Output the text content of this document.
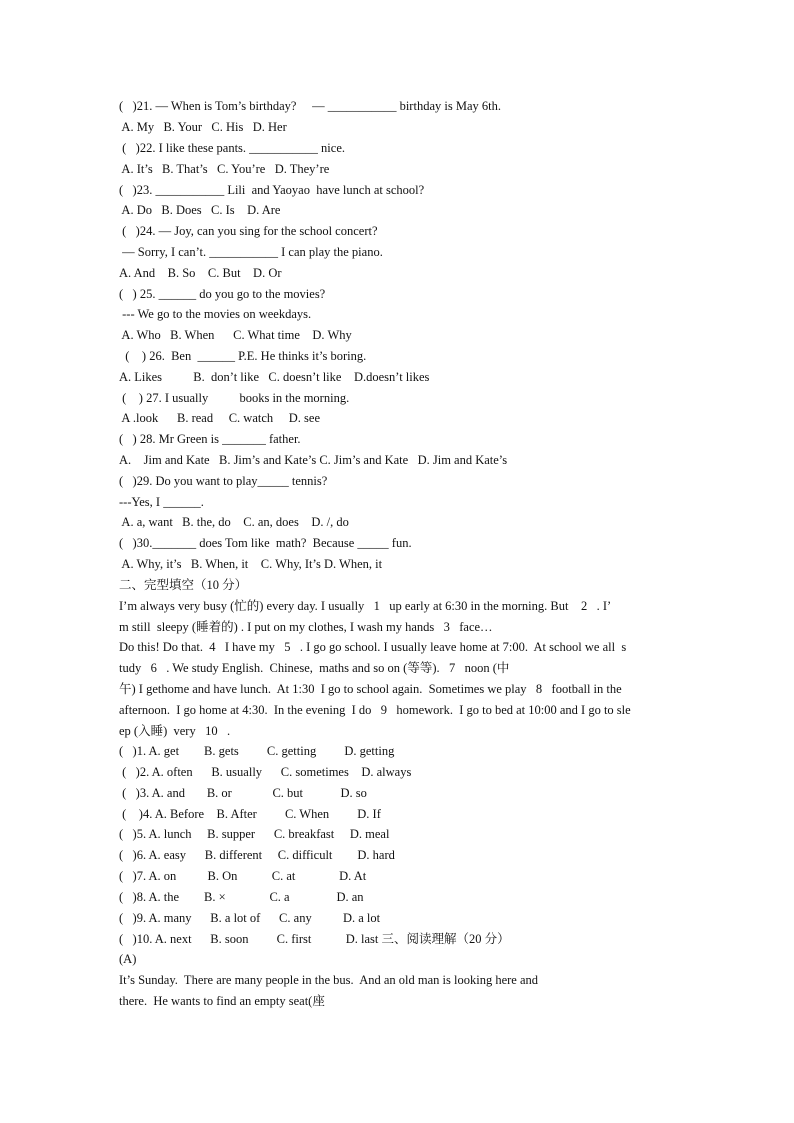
(   )21. — When is Tom’s birthday?     — ___________ birthday is May 6th.
A. My   B. Your   C. His   D. Her
(   )22. I like these pants. ___________ nice.
A. It’s   B. That’s   C. You’re   D. They’re
(   )23. ___________ Lili  and Yaoyao  have lunch at school?
A. Do   B. Does   C. Is    D. Are
(   )24. — Joy, can you sing for the school concert?
— Sorry, I can’t. ___________ I can play the piano.
A. And    B. So    C. But    D. Or
(   ) 25. ______ do you go to the movies?
--- We go to the movies on weekdays.
A. Who   B. When      C. What time    D. Why
(    ) 26.  Ben  ______ P.E. He thinks it’s boring.
A. Likes          B.  don’t like   C. doesn’t like    D.doesn’t likes
(    ) 27. I usually          books in the morning.
A .look      B. read     C. watch     D. see
(   ) 28. Mr Green is _______ father.
A.    Jim and Kate   B. Jim’s and Kate’s C. Jim’s and Kate   D. Jim and Kate’s
(   )29. Do you want to play_____ tennis?
---Yes, I ______.
A. a, want   B. the, do    C. an, does    D. /, do
(   )30._______ does Tom like  math?  Because _____ fun.
A. Why, it’s   B. When, it    C. Why, It’s D. When, it
二、完型填空（10 分）
I’m always very busy (忙的) every day. I usually   1   up early at 6:30 in the morning. But    2   . I’
m still  sleepy (睡着的) . I put on my clothes, I wash my hands   3   face…
Do this! Do that.  4   I have my   5   . I go go school. I usually leave home at 7:00.  At school we all  s
tudy   6   . We study English.  Chinese,  maths and so on (等等).   7   noon (中
午) I gethome and have lunch.  At 1:30  I go to school again.  Sometimes we play   8   football in the
afternoon.  I go home at 4:30.  In the evening  I do   9   homework.  I go to bed at 10:00 and I go to sle
ep (入睡)  very   10   .
(   )1. A. get        B. gets         C. getting         D. getting
(   )2. A. often      B. usually      C. sometimes    D. always
(   )3. A. and       B. or             C. but            D. so
(    )4. A. Before    B. After         C. When         D. If
(   )5. A. lunch     B. supper      C. breakfast     D. meal
(   )6. A. easy      B. different     C. difficult        D. hard
(   )7. A. on          B. On           C. at              D. At
(   )8. A. the        B. ×              C. a               D. an
(   )9. A. many      B. a lot of      C. any          D. a lot
(   )10. A. next      B. soon         C. first           D. last 三、阅读理解（20 分）
(A)
It’s Sunday.  There are many people in the bus.  And an old man is looking here and
there.  He wants to find an empty seat(座
